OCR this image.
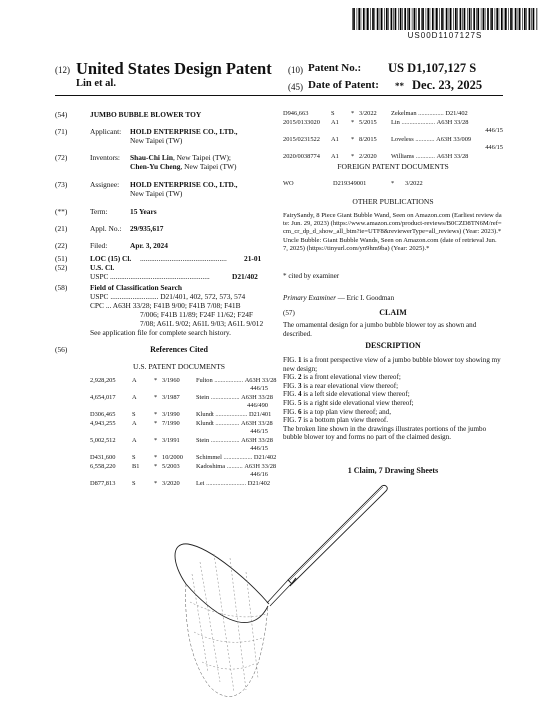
US00D1107127S
(12) United States Design Patent
Lin et al.
(10) Patent No.: US D1,107,127 S
(45) Date of Patent: ** Dec. 23, 2025
(54)	JUMBO BUBBLE BLOWER TOY
(71)	Applicant: HOLD ENTERPRISE CO., LTD.,
New Taipei (TW)
(72)	Inventors: Shau-Chi Lin, New Taipei (TW);
Chen-Yu Cheng, New Taipei (TW)
(73)	Assignee: HOLD ENTERPRISE CO., LTD.,
New Taipei (TW)
(**)	Term:	15 Years
(21)	Appl. No.: 29/935,617
(22)	Filed:	Apr. 3, 2024
(51)	LOC (15) Cl. ...............................................	21-01
(52)	U.S. Cl.
USPC ......................................................	D21/402
(58)	Field of Classification Search
USPC .......................... D21/401, 402, 572, 573, 574
CPC ... A63H 33/28; F41B 9/00; F41B 7/08; F41B
7/006; F41B 11/89; F24F 11/62; F24F
7/08; A61L 9/02; A61L 9/03; A61L 9/012
See application file for complete search history.
(56)	References Cited
U.S. PATENT DOCUMENTS
2,928,205	A	* 3/1960	Fulton .................. A63H 33/28
446/15
4,654,017	A	* 3/1987	Stein .................. A63H 33/28
446/490
D306,465	S	* 3/1990	Klundt .................... D21/401
4,943,255	A	* 7/1990	Klundt ............... A63H 33/28
446/15
5,002,512	A	* 3/1991	Stein .................. A63H 33/28
446/15
D431,600	S	* 10/2000 Schimmel .................. D21/402
6,558,220	B1 * 5/2003	Kadoshima .......... A63H 33/28
446/16
D877,813	S	* 3/2020	Lei ......................... D21/402
D946,663	S	* 3/2022 Zekelman ................ D21/402
2015/0133020 A1 * 5/2015 Lin ..................... A63H 33/28
446/15
2015/0231522 A1 * 8/2015 Loveless ............ A63H 33/009
446/15
2020/0038774 A1 * 2/2020 Williams ............ A63H 33/28
FOREIGN PATENT DOCUMENTS
WO	D219349001	* 3/2022
OTHER PUBLICATIONS

FairySandy, 8 Piece Giant Bubble Wand, Seen on Amazon.com (Earliest review date: Jun. 29, 2023) (https://www.amazon.com/product-reviews/B0CZD8TN6M/ref=cm_cr_dp_d_show_all_btm?ie=UTF8&reviewerType=all_reviews) (Year: 2023).*

Uncle Bubble: Giant Bubble Wands, Seen on Amazon.com (date of retrieval Jun. 7, 2025) (https://tinyurl.com/yn9hm9ba) (Year: 2025).*

* cited by examiner
Primary Examiner — Eric I. Goodman
(57)	CLAIM
The ornamental design for a jumbo bubble blower toy as shown and described.
DESCRIPTION
FIG. 1 is a front perspective view of a jumbo bubble blower toy showing my new design;
FIG. 2 is a front elevational view thereof;
FIG. 3 is a rear elevational view thereof;
FIG. 4 is a left side elevational view thereof;
FIG. 5 is a right side elevational view thereof;
FIG. 6 is a top plan view thereof; and,
FIG. 7 is a bottom plan view thereof.
The broken line shown in the drawings illustrates portions of the jumbo bubble blower toy and forms no part of the claimed design.
1 Claim, 7 Drawing Sheets
